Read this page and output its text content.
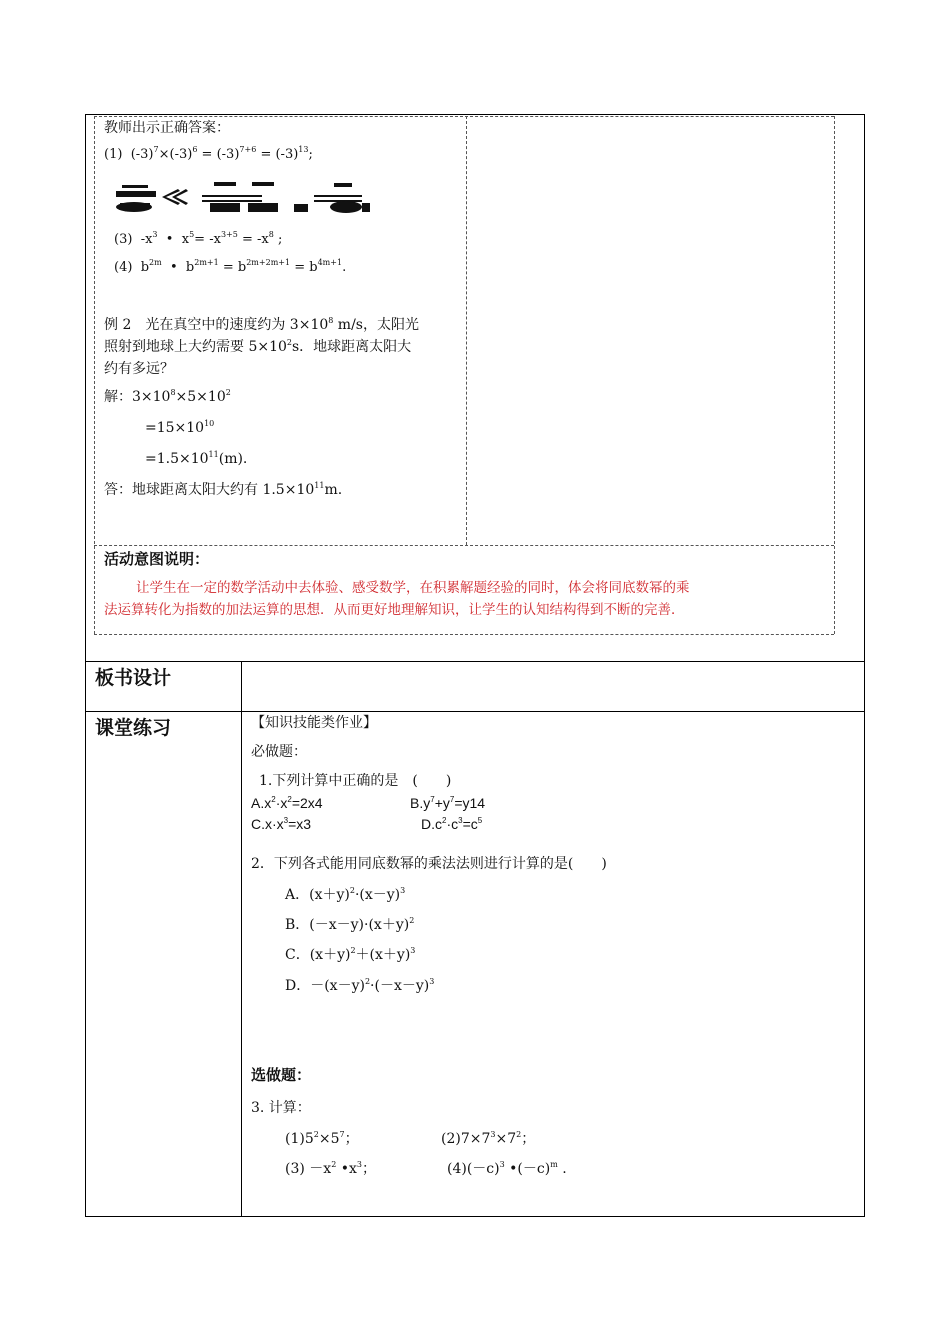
教师出示正确答案：
(1) $(-3)^7\times(-3)^6 = (-3)^{7+6} = (-3)^{13}$;
(3) $-x^3$ • $x^5= -x^{3+5} = -x^8$ ;
(4) $b^{2m}$ • $b^{2m+1} = b^{2m+2m+1} = b^{4m+1}$.
例 2　光在真空中的速度约为 $3\times 10^8$ m/s，太阳光
照射到地球上大约需要 $5\times 10^2s$．地球距离太阳大
约有多远？
解：$3\times 10^8\times 5\times 10^2$
$=15\times 10^{10}$
$=1.5\times 10^{11}(m)$.
答：地球距离太阳大约有 $1.5\times 10^{11}m$.
活动意图说明：
让学生在一定的数学活动中去体验、感受数学，在积累解题经验的同时，体会将同底数幂的乘
法运算转化为指数的加法运算的思想．从而更好地理解知识，让学生的认知结构得到不断的完善．
板书设计
课堂练习	【知识技能类作业】
必做题：
1.下列计算中正确的是　(　　)
$A.x^2\cdot x^2=2x4$	$B.y^7+y^7=y14$
$C.x\cdot x^3=x3$	$D.c^2\cdot c^3=c^5$
2．下列各式能用同底数幂的乘法法则进行计算的是(　　)
A．$(x+y)^2\cdot(x-y)^3$
B．$(-x-y)\cdot(x+y)^2$
C．$(x+y)^2+(x+y)^3$
D．$-(x-y)^2\cdot(-x-y)^3$
选做题：
3. 计算：
$(1)5^2\times 5^7$；	$(2)7\times 7^3\times 7^2$；
$(3) -x^2$ $•x^3$；	$(4)(-c)^3$ $•(-c)^m$ .
